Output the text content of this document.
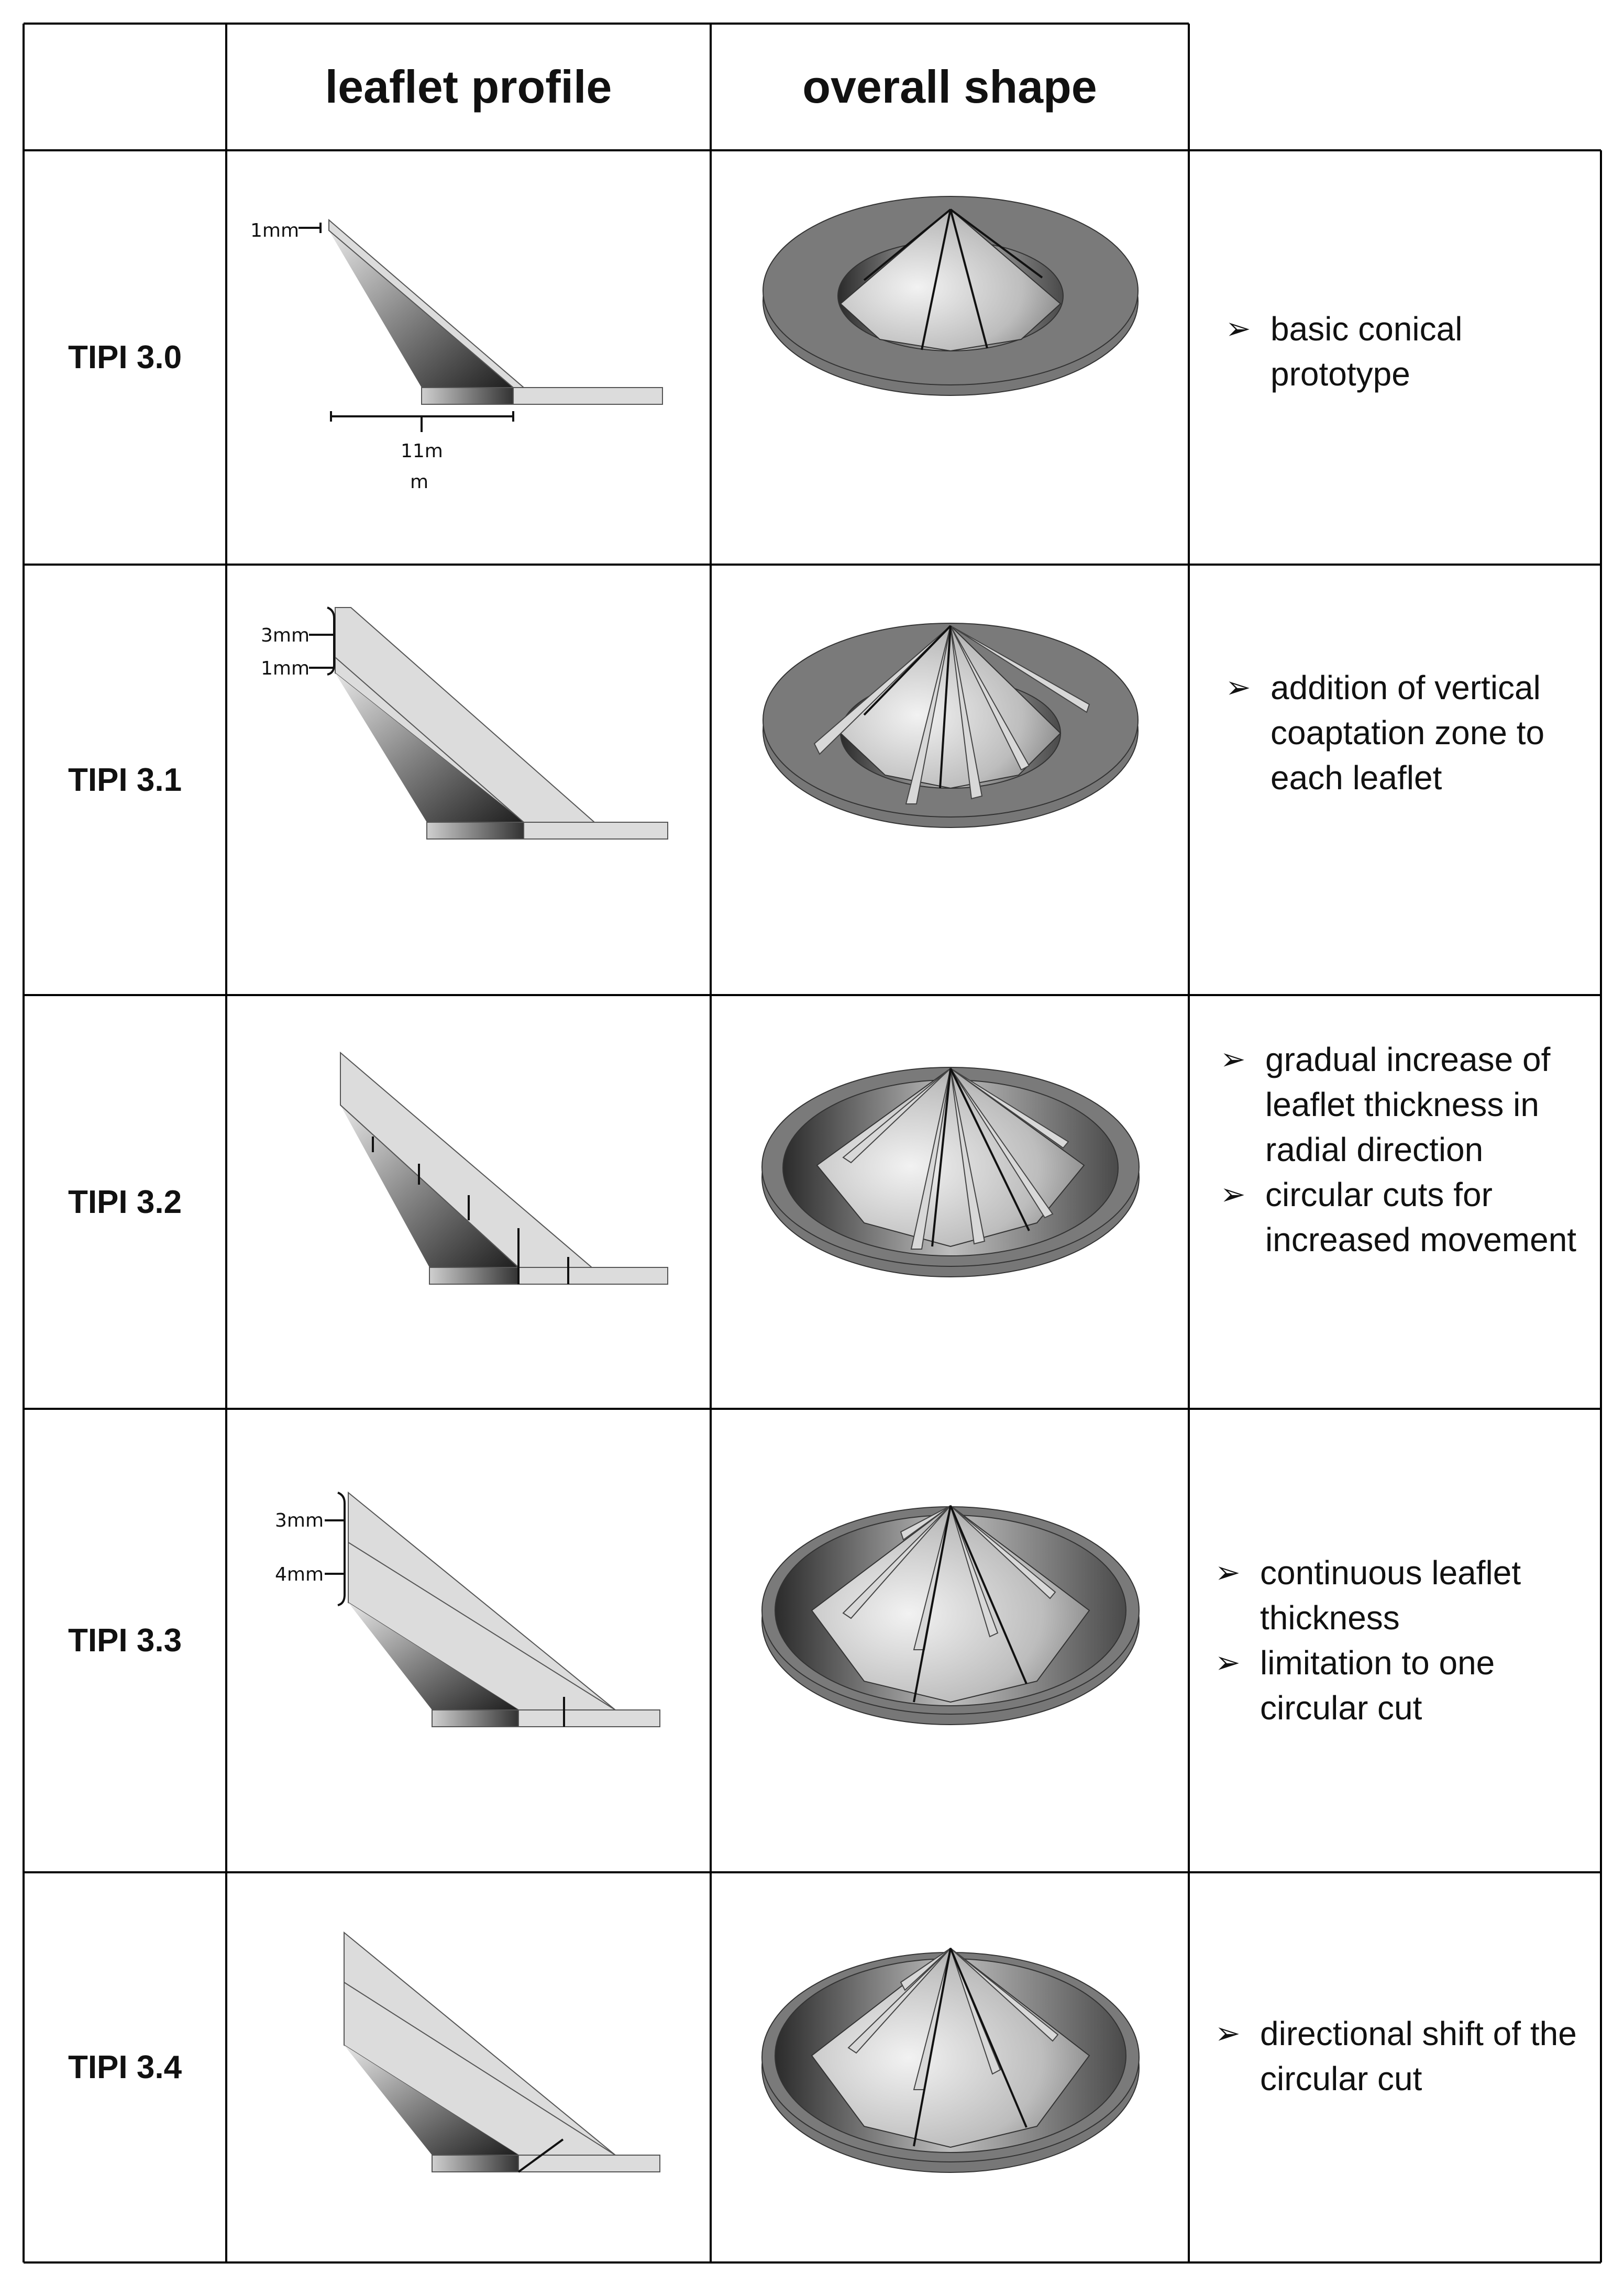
leaflet profile	overall shape
TIPI 3.0
TIPI 3.1
TIPI 3.2
TIPI 3.3
TIPI 3.4
1mm
11m
m
3mm
1mm
3mm
4mm
➢ basic conical prototype
➢ addition of vertical coaptation zone to each leaflet
➢ gradual increase of leaflet thickness in radial direction
➢ circular cuts for increased movement
➢ continuous leaflet thickness
➢ limitation to one circular cut
➢ directional shift of the circular cut
